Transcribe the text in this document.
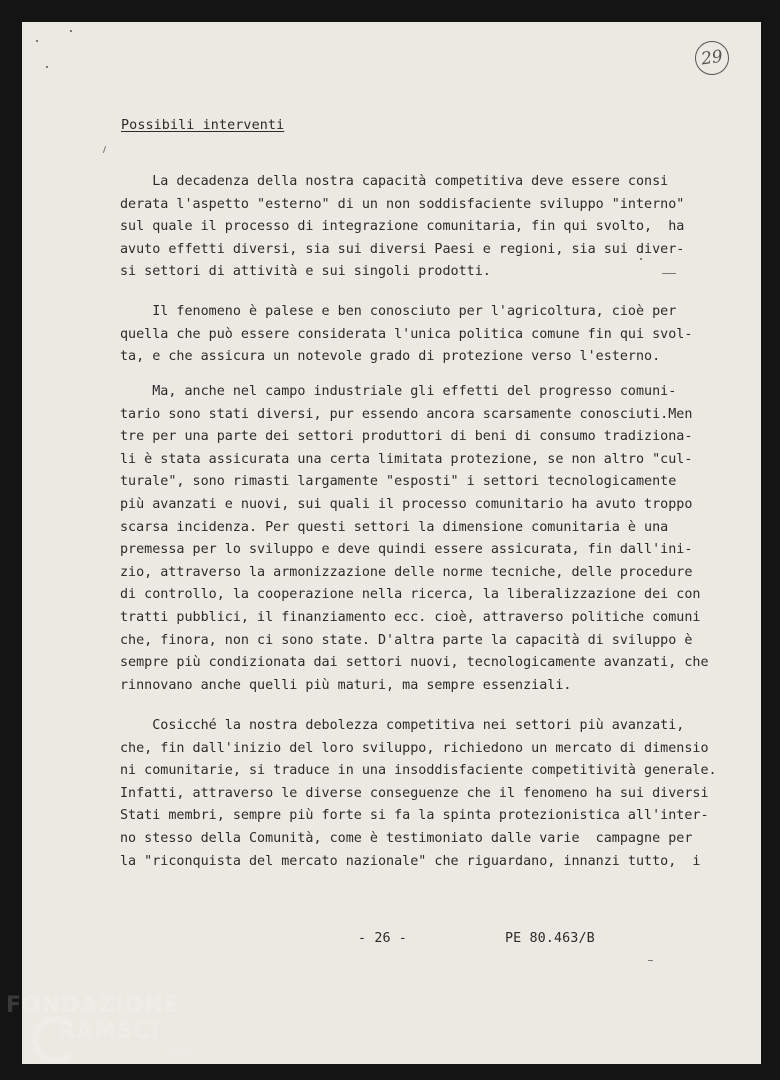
29

Possibili interventi

La decadenza della nostra capacità competitiva deve essere consi
derata l'aspetto "esterno" di un non soddisfaciente sviluppo "interno"
sul quale il processo di integrazione comunitaria, fin qui svolto,  ha
avuto effetti diversi, sia sui diversi Paesi e regioni, sia sui diver-
si settori di attività e sui singoli prodotti.
Il fenomeno è palese e ben conosciuto per l'agricoltura, cioè per
quella che può essere considerata l'unica politica comune fin qui svol-
ta, e che assicura un notevole grado di protezione verso l'esterno.
Ma, anche nel campo industriale gli effetti del progresso comuni-
tario sono stati diversi, pur essendo ancora scarsamente conosciuti.Men
tre per una parte dei settori produttori di beni di consumo tradiziona-
li è stata assicurata una certa limitata protezione, se non altro "cul-
turale", sono rimasti largamente "esposti" i settori tecnologicamente
più avanzati e nuovi, sui quali il processo comunitario ha avuto troppo
scarsa incidenza. Per questi settori la dimensione comunitaria è una
premessa per lo sviluppo e deve quindi essere assicurata, fin dall'ini-
zio, attraverso la armonizzazione delle norme tecniche, delle procedure
di controllo, la cooperazione nella ricerca, la liberalizzazione dei con
tratti pubblici, il finanziamento ecc. cioè, attraverso politiche comuni
che, finora, non ci sono state. D'altra parte la capacità di sviluppo è
sempre più condizionata dai settori nuovi, tecnologicamente avanzati, che
rinnovano anche quelli più maturi, ma sempre essenziali.
Cosicché la nostra debolezza competitiva nei settori più avanzati,
che, fin dall'inizio del loro sviluppo, richiedono un mercato di dimensio
ni comunitarie, si traduce in una insoddisfaciente competitività generale.
Infatti, attraverso le diverse conseguenze che il fenomeno ha sui diversi
Stati membri, sempre più forte si fa la spinta protezionistica all'inter-
no stesso della Comunità, come è testimoniato dalle varie  campagne per
la "riconquista del mercato nazionale" che riguardano, innanzi tutto,  i

- 26 -	PE 80.463/B

FONDAZIONE
RAMSCI
onlus
